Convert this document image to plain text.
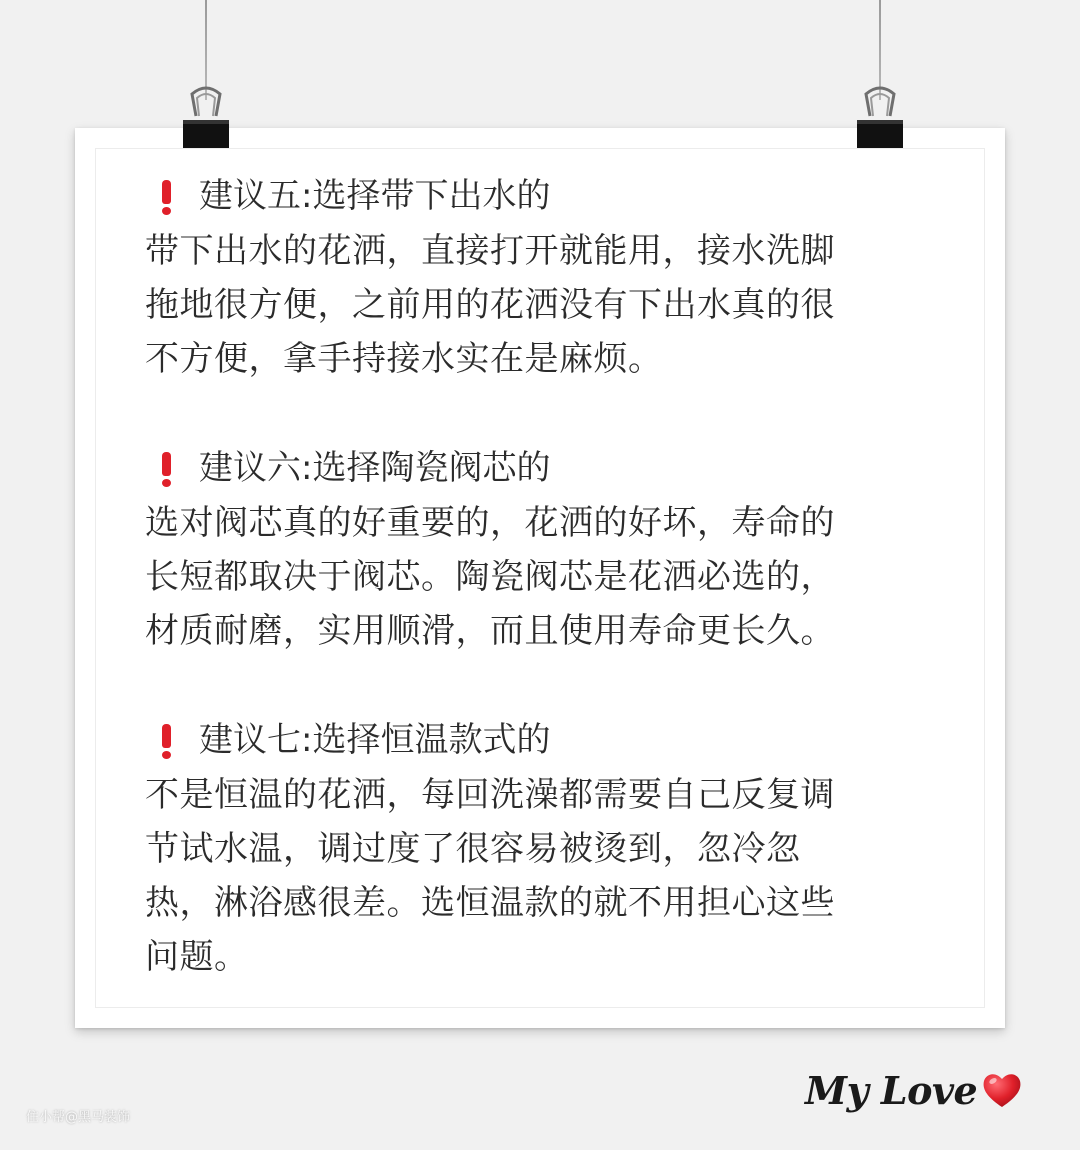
建议五:选择带下出水的
带下出水的花洒，直接打开就能用，接水洗脚
拖地很方便，之前用的花洒没有下出水真的很
不方便，拿手持接水实在是麻烦。
建议六:选择陶瓷阀芯的
选对阀芯真的好重要的，花洒的好坏，寿命的
长短都取决于阀芯。陶瓷阀芯是花洒必选的，
材质耐磨，实用顺滑，而且使用寿命更长久。
建议七:选择恒温款式的
不是恒温的花洒，每回洗澡都需要自己反复调
节试水温，调过度了很容易被烫到，忽冷忽
热，淋浴感很差。选恒温款的就不用担心这些
问题。
My Love
住小帮@黑马装饰
